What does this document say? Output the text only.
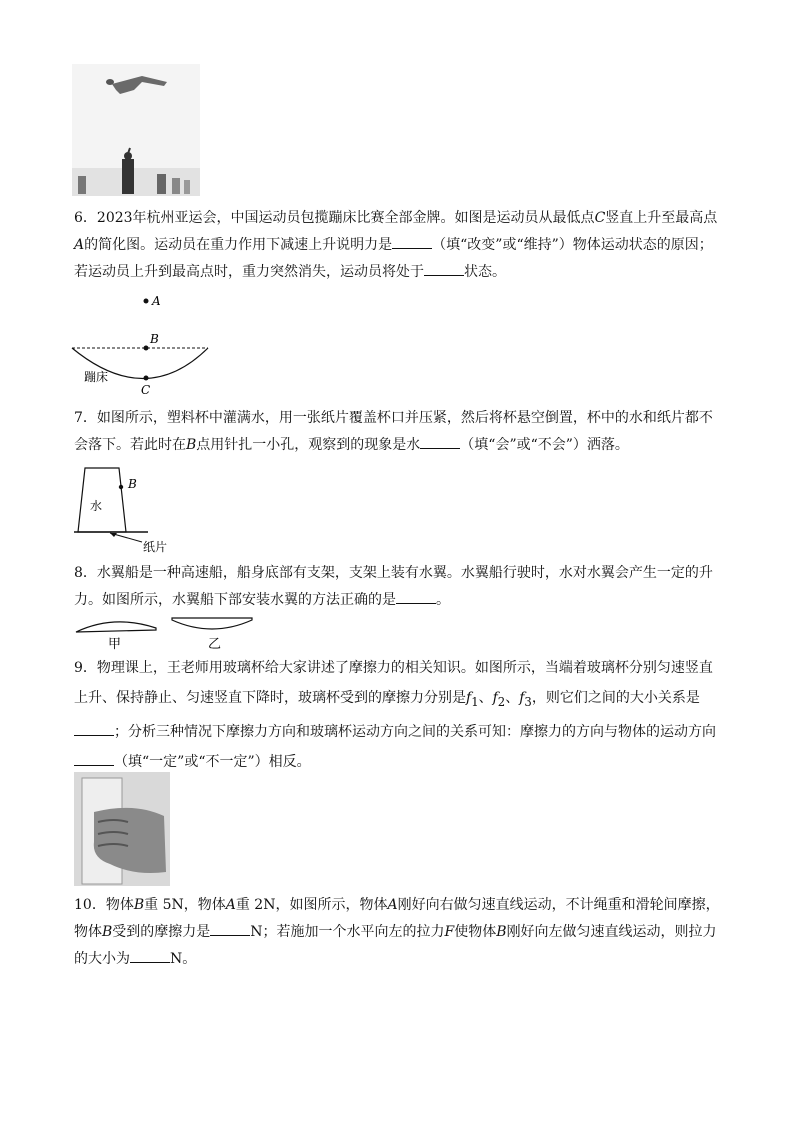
6．2023年杭州亚运会，中国运动员包揽蹦床比赛全部金牌。如图是运动员从最低点C竖直上升至最高点
A的简化图。运动员在重力作用下减速上升说明力是	（填“改变”或“维持”）物体运动状态的原因；若运动员上升到最高点时，重力突然消失，运动员将处于	状态。

A
B
C
蹦床

7．如图所示，塑料杯中灌满水，用一张纸片覆盖杯口并压紧，然后将杯悬空倒置，杯中的水和纸片都不会落下。若此时在B点用针扎一小孔，观察到的现象是水	（填“会”或“不会”）洒落。

B
水
纸片

8．水翼船是一种高速船，船身底部有支架，支架上装有水翼。水翼船行驶时，水对水翼会产生一定的升力。如图所示，水翼船下部安装水翼的方法正确的是	。

甲	乙

9．物理课上，王老师用玻璃杯给大家讲述了摩擦力的相关知识。如图所示，当端着玻璃杯分别匀速竖直上升、保持静止、匀速竖直下降时，玻璃杯受到的摩擦力分别是$f_1$、$f_2$、$f_3$，则它们之间的大小关系是
；分析三种情况下摩擦力方向和玻璃杯运动方向之间的关系可知：摩擦力的方向与物体的运动方向
（填“一定”或“不一定”）相反。

10．物体B重 5N，物体A重 2N，如图所示，物体A刚好向右做匀速直线运动，不计绳重和滑轮间摩擦，物体B受到的摩擦力是	N；若施加一个水平向左的拉力F使物体B刚好向左做匀速直线运动，则拉力的大小为	N。
